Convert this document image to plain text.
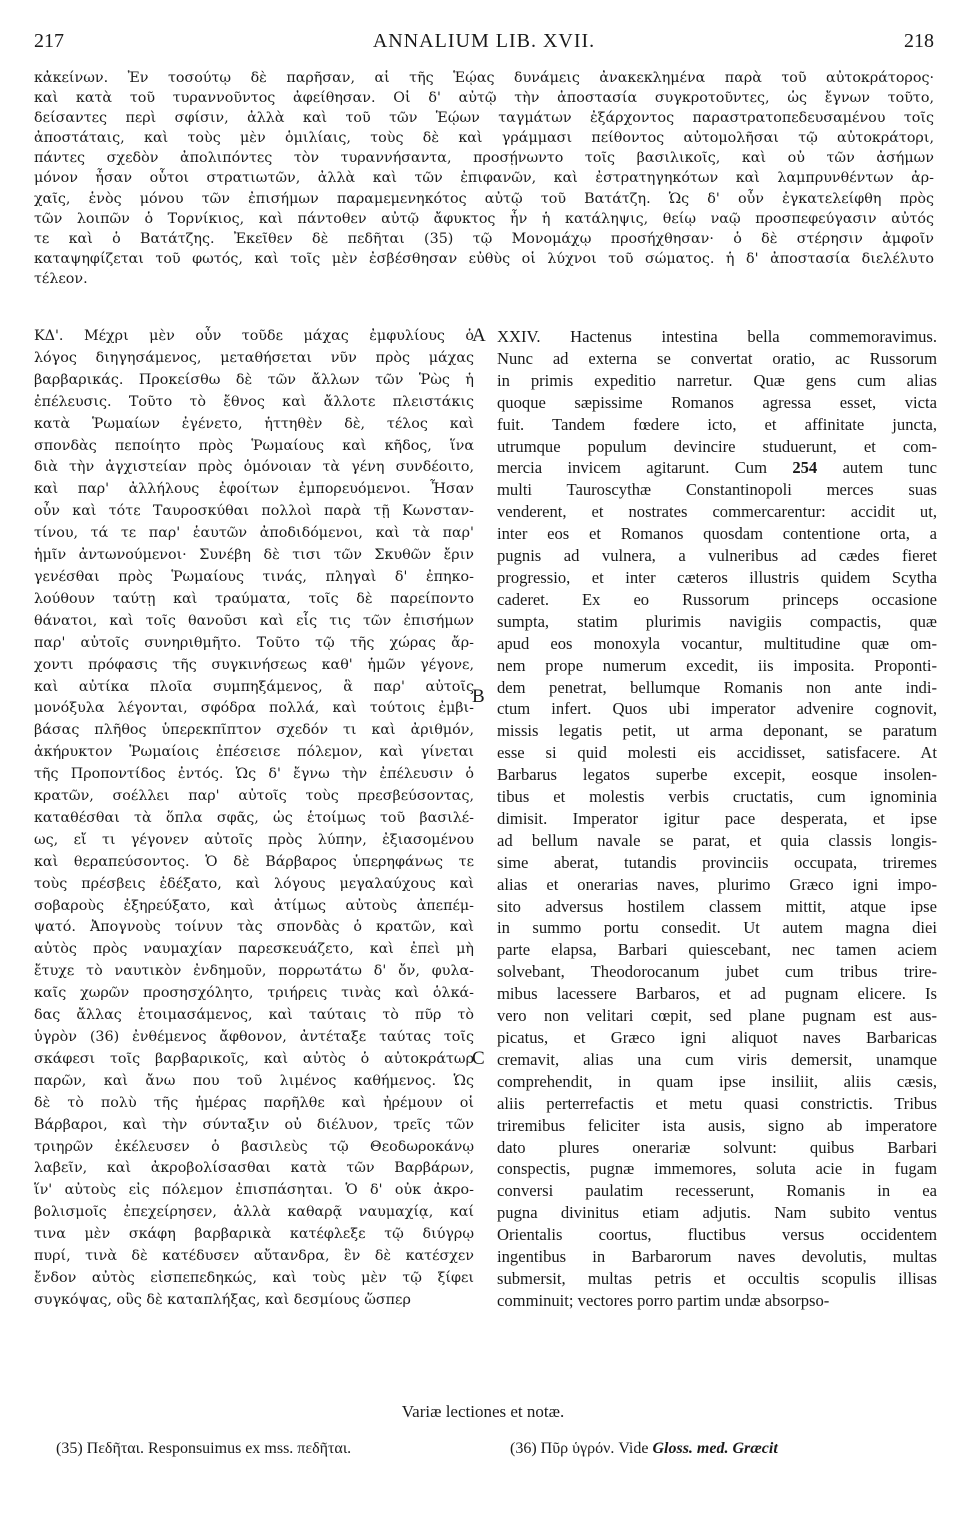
217	ANNALIUM LIB. XVII.	218
κἀκείνων. Ἐν τοσούτῳ δὲ παρῆσαν, αἱ τῆς Ἑῴας δυνάμεις ἀνακεκλημένα παρὰ τοῦ αὐτοκράτορος·
καὶ κατὰ τοῦ τυραννοῦντος ἀφείθησαν. Οἱ δ' αὐτῷ τὴν ἀποστασία συγκροτοῦντες, ὡς ἔγνων τοῦτο,
δείσαντες περὶ σφίσιν, ἀλλὰ καὶ τοῦ τῶν Ἑῴων ταγμάτων ἐξάρχοντος παραστρατοπεδευσαμένου τοῖς
ἀποστάταις, καὶ τοὺς μὲν ὁμιλίαις, τοὺς δὲ καὶ γράμμασι πείθοντος αὐτομολῆσαι τῷ αὐτοκράτορι,
πάντες σχεδὸν ἀπολιπόντες τὸν τυραννήσαντα, προσῄνωντο τοῖς βασιλικοῖς, καὶ οὐ τῶν ἀσήμων
μόνον ἦσαν οὗτοι στρατιωτῶν, ἀλλὰ καὶ τῶν ἐπιφανῶν, καὶ ἐστρατηγηκότων καὶ λαμπρυνθέντων ἀρ-
χαῖς, ἑνὸς μόνου τῶν ἐπισήμων παραμεμενηκότος αὐτῷ τοῦ Βατάτζη. Ὡς δ' οὖν ἐγκατελείφθη πρὸς
τῶν λοιπῶν ὁ Τορνίκιος, καὶ πάντοθεν αὐτῷ ἄφυκτος ἦν ἡ κατάληψις, θείῳ ναῷ προσπεφεύγασιν αὐτός
τε καὶ ὁ Βατάτζης. Ἐκεῖθεν δὲ πεδῆται (35) τῷ Μονομάχῳ προσήχθησαν· ὁ δὲ στέρησιν ἀμφοῖν
καταψηφίζεται τοῦ φωτός, καὶ τοῖς μὲν ἐσβέσθησαν εὐθὺς οἱ λύχνοι τοῦ σώματος. ἡ δ' ἀποστασία διελέλυτο
τέλεον.
ΚΔ'. Μέχρι μὲν οὖν τοῦδε μάχας ἐμφυλίους ὁ
λόγος διηγησάμενος, μεταθήσεται νῦν πρὸς μάχας
βαρβαρικάς. Προκείσθω δὲ τῶν ἄλλων τῶν Ῥὼς ἡ
ἐπέλευσις. Τοῦτο τὸ ἔθνος καὶ ἄλλοτε πλειστάκις
κατὰ Ῥωμαίων ἐγένετο, ἡττηθὲν δὲ, τέλος καὶ
σπονδὰς πεποίητο πρὸς Ῥωμαίους καὶ κῆδος, ἵνα
διὰ τὴν ἀγχιστείαν πρὸς ὁμόνοιαν τὰ γένη συνδέοιτο,
καὶ παρ' ἀλλήλους ἐφοίτων ἐμπορευόμενοι. Ἦσαν
οὖν καὶ τότε Ταυροσκύθαι πολλοὶ παρὰ τῇ Κωνσταν-
τίνου, τά τε παρ' ἑαυτῶν ἀποδιδόμενοι, καὶ τὰ παρ'
ἡμῖν ἀντωνούμενοι· Συνέβη δὲ τισι τῶν Σκυθῶν ἔριν
γενέσθαι πρὸς Ῥωμαίους τινάς, πληγαὶ δ' ἐπηκο-
λούθουν ταύτῃ καὶ τραύματα, τοῖς δὲ παρείποντο
θάνατοι, καὶ τοῖς θανοῦσι καὶ εἷς τις τῶν ἐπισήμων
παρ' αὐτοῖς συνηριθμῆτο. Τοῦτο τῷ τῆς χώρας ἄρ-
χοντι πρόφασις τῆς συγκινήσεως καθ' ἡμῶν γέγονε,
καὶ αὐτίκα πλοῖα συμπηξάμενος, ἃ παρ' αὐτοῖς
μονόξυλα λέγονται, σφόδρα πολλά, καὶ τούτοις ἐμβι-
βάσας πλῆθος ὑπερεκπῖπτον σχεδόν τι καὶ ἀριθμόν,
ἀκήρυκτον Ῥωμαίοις ἐπέσεισε πόλεμον, καὶ γίνεται
τῆς Προποντίδος ἐντός. Ὡς δ' ἔγνω τὴν ἐπέλευσιν ὁ
κρατῶν, σοέλλει παρ' αὐτοῖς τοὺς πρεσβεύσοντας,
καταθέσθαι τὰ ὅπλα σφᾶς, ὡς ἑτοίμως τοῦ βασιλέ-
ως, εἴ τι γέγονεν αὐτοῖς πρὸς λύπην, ἐξιασομένου
καὶ θεραπεύσοντος. Ὁ δὲ Βάρβαρος ὑπερηφάνως τε
τοὺς πρέσβεις ἐδέξατο, καὶ λόγους μεγαλαύχους καὶ
σοβαροὺς ἐξηρεύξατο, καὶ ἀτίμως αὐτοὺς ἀπεπέμ-
ψατό. Ἀπογνοὺς τοίνυν τὰς σπονδὰς ὁ κρατῶν, καὶ
αὐτὸς πρὸς ναυμαχίαν παρεσκευάζετο, καὶ ἐπεὶ μὴ
ἔτυχε τὸ ναυτικὸν ἐνδημοῦν, πορρωτάτω δ' ὄν, φυλα-
καῖς χωρῶν προσησχόλητο, τριήρεις τινὰς καὶ ὁλκά-
δας ἄλλας ἑτοιμασάμενος, καὶ ταύταις τὸ πῦρ τὸ
ὑγρὸν (36) ἐνθέμενος ἄφθονον, ἀντέταξε ταύτας τοῖς
σκάφεσι τοῖς βαρβαρικοῖς, καὶ αὐτὸς ὁ αὐτοκράτωρ
παρῶν, καὶ ἄνω που τοῦ λιμένος καθήμενος. Ὡς
δὲ τὸ πολὺ τῆς ἡμέρας παρῆλθε καὶ ἠρέμουν οἱ
Βάρβαροι, καὶ τὴν σύνταξιν οὐ διέλυον, τρεῖς τῶν
τριηρῶν ἐκέλευσεν ὁ βασιλεὺς τῷ Θεοδωροκάνῳ
λαβεῖν, καὶ ἀκροβολίσασθαι κατὰ τῶν Βαρβάρων,
ἵν' αὐτοὺς εἰς πόλεμον ἐπισπάσηται. Ὁ δ' οὐκ ἀκρο-
βολισμοῖς ἐπεχείρησεν, ἀλλὰ καθαρᾷ ναυμαχίᾳ, καί
τινα μὲν σκάφη βαρβαρικὰ κατέφλεξε τῷ διύγρῳ
πυρί, τινὰ δὲ κατέδυσεν αὔτανδρα, ἓν δὲ κατέσχεν
ἔνδον αὐτὸς εἰσπεπεδηκώς, καὶ τοὺς μὲν τῷ ξίφει
συγκόψας, οὓς δὲ καταπλήξας, καὶ δεσμίους ὥσπερ
A
B
C
XXIV. Hactenus intestina bella commemoravimus.
Nunc ad externa se convertat oratio, ac Russorum
in primis expeditio narretur. Quæ gens cum alias
quoque sæpissime Romanos agressa esset, victa
fuit. Tandem fœdere icto, et affinitate juncta,
utrumque populum devincire studuerunt, et com-
mercia invicem agitarunt. Cum 254 autem tunc
multi Tauroscythæ Constantinopoli merces suas
venderent, et nostrates commercarentur: accidit ut,
inter eos et Romanos quosdam contentione orta, a
pugnis ad vulnera, a vulneribus ad cædes fieret
progressio, et inter cæteros illustris quidem Scytha
caderet. Ex eo Russorum princeps occasione
sumpta, statim plurimis navigiis compactis, quæ
apud eos monoxyla vocantur, multitudine quæ om-
nem prope numerum excedit, iis imposita. Proponti-
dem penetrat, bellumque Romanis non ante indi-
ctum infert. Quos ubi imperator advenire cognovit,
missis legatis petit, ut arma deponant, se paratum
esse si quid molesti eis accidisset, satisfacere. At
Barbarus legatos superbe excepit, eosque insolen-
tibus et molestis verbis cructatis, cum ignominia
dimisit. Imperator igitur pace desperata, et ipse
ad bellum navale se parat, et quia classis longis-
sime aberat, tutandis provinciis occupata, triremes
alias et onerarias naves, plurimo Græco igni impo-
sito adversus hostilem classem mittit, atque ipse
in summo portu consedit. Ut autem magna diei
parte elapsa, Barbari quiescebant, nec tamen aciem
solvebant, Theodorocanum jubet cum tribus trire-
mibus lacessere Barbaros, et ad pugnam elicere. Is
vero non velitari cœpit, sed plane pugnam est aus-
picatus, et Græco igni aliquot naves Barbaricas
cremavit, alias una cum viris demersit, unamque
comprehendit, in quam ipse insiliit, aliis cæsis,
aliis perterrefactis et metu quasi constrictis. Tribus
triremibus feliciter ista ausis, signo ab imperatore
dato plures onerariæ solvunt: quibus Barbari
conspectis, pugnæ immemores, soluta acie in fugam
conversi paulatim recesserunt, Romanis in ea
pugna divinitus etiam adjutis. Nam subito ventus
Orientalis coortus, fluctibus versus occidentem
ingentibus in Barbarorum naves devolutis, multas
submersit, multas petris et occultis scopulis illisas
comminuit; vectores porro partim undæ absorpso-
Variæ lectiones et notæ.
(35) Πεδῆται. Responsuimus ex mss. πεδῆται.	(36) Πῦρ ὑγρόν. Vide Gloss. med. Græcit
